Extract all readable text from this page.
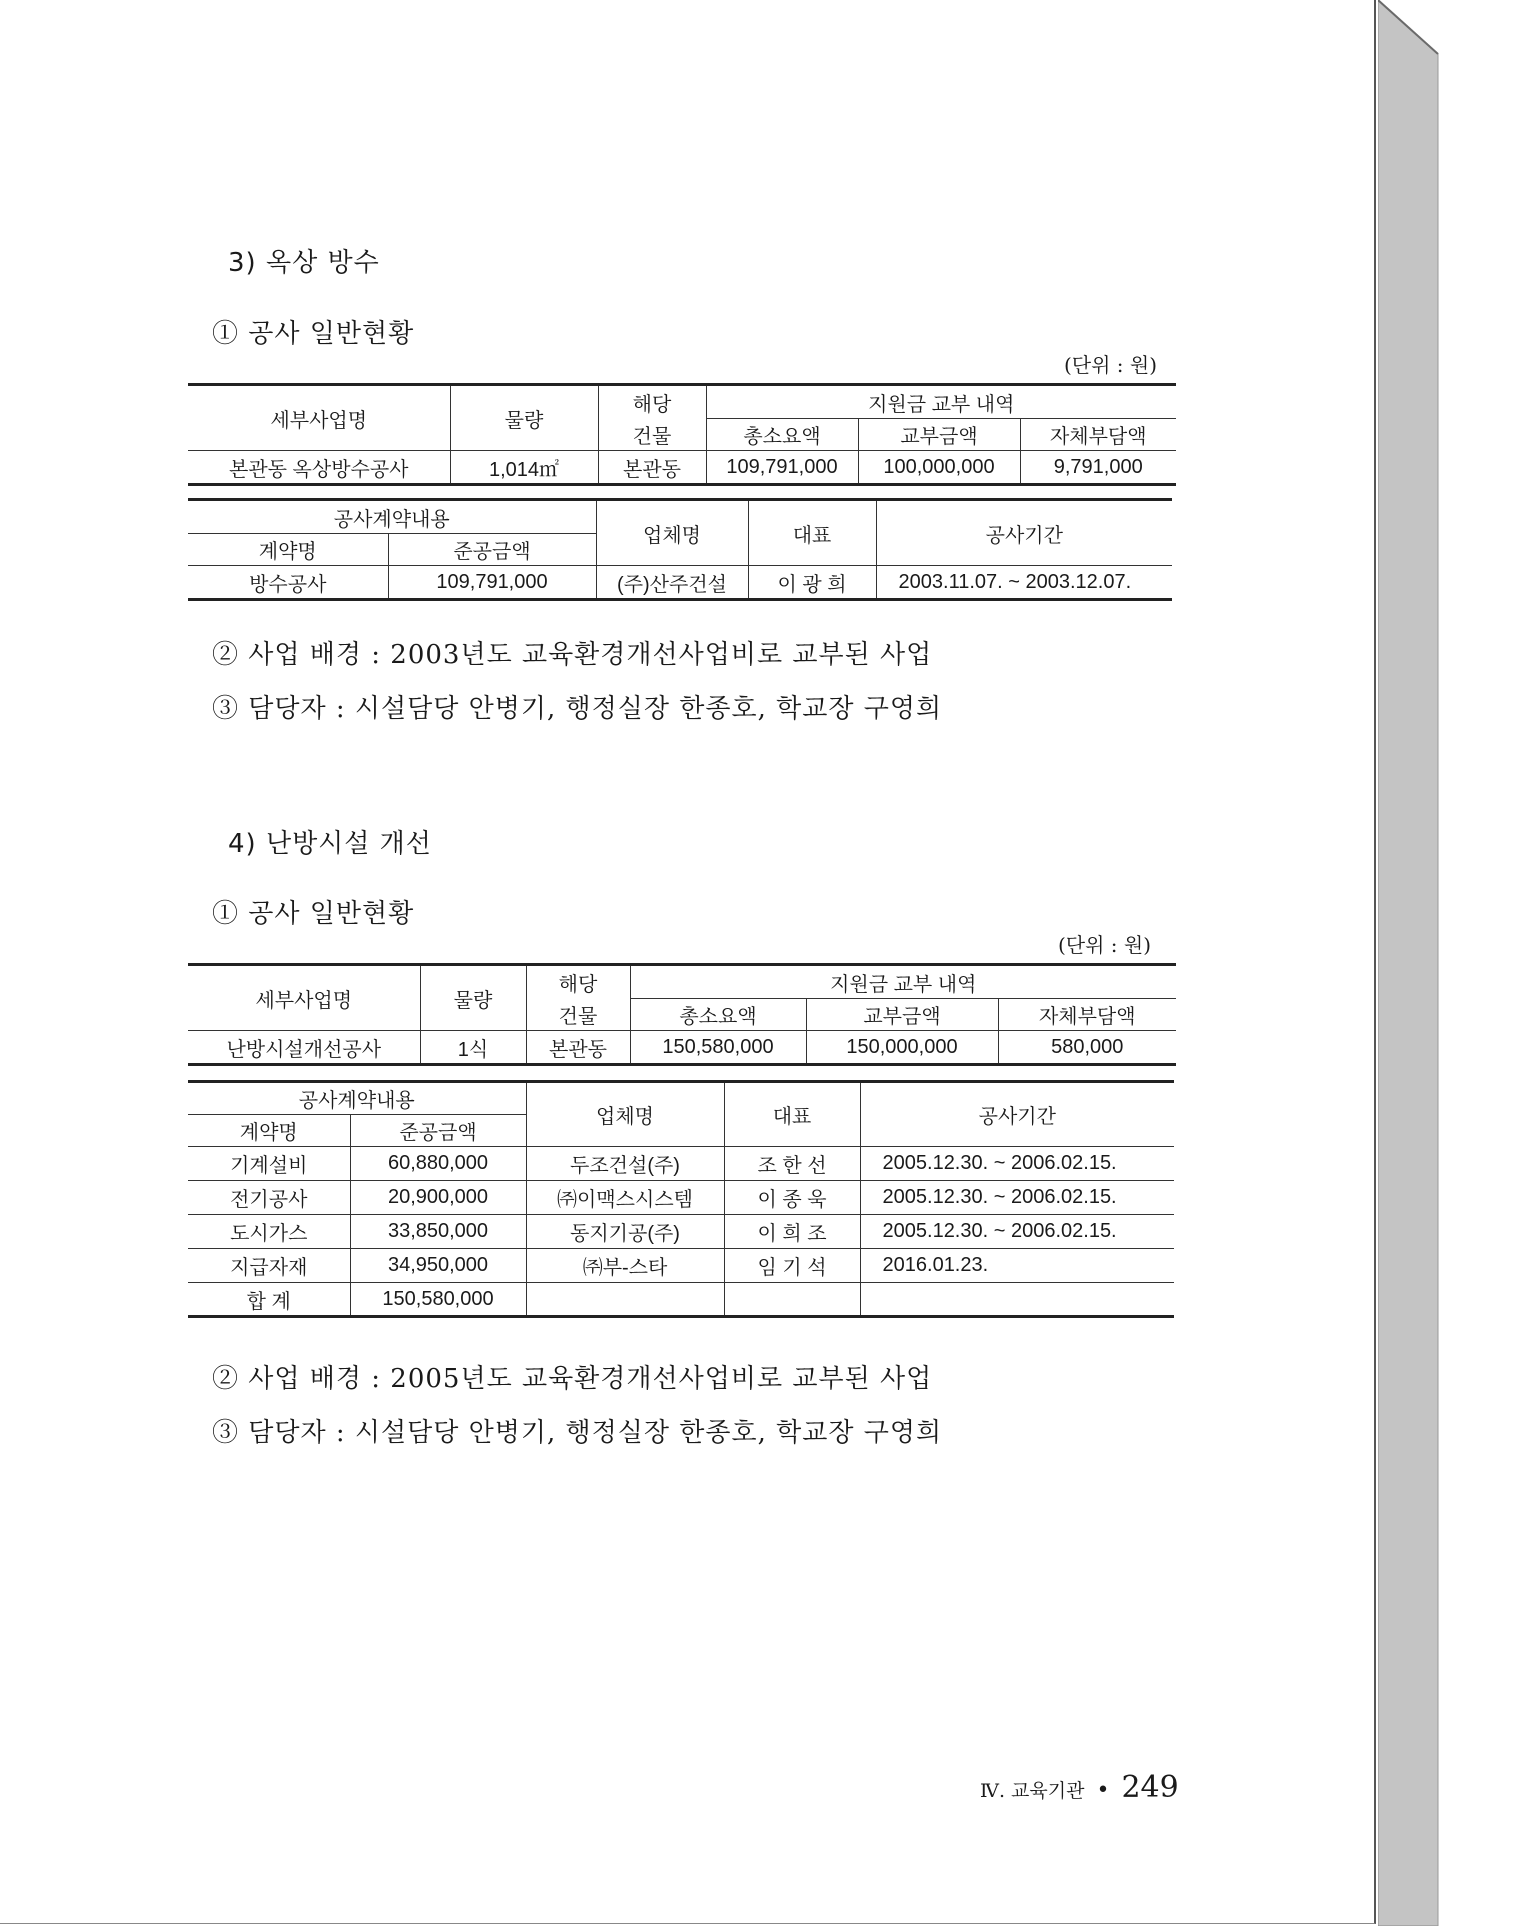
3) 옥상 방수
① 공사 일반현황
(단위 : 원)
세부사업명	물량	해당	지원금 교부 내역		
		건물	총소요액	교부금액	자체부담액
본관동 옥상방수공사	1,014㎡	본관동	109,791,000	100,000,000	9,791,000
공사계약내용		업체명	대표	공사기간
계약명	준공금액			
방수공사	109,791,000	(주)산주건설	이 광 희	2003.11.07. ~ 2003.12.07.
② 사업 배경 : 2003년도 교육환경개선사업비로 교부된 사업
③ 담당자 : 시설담당 안병기, 행정실장 한종호, 학교장 구영희
4) 난방시설 개선
① 공사 일반현황
(단위 : 원)
세부사업명	물량	해당	지원금 교부 내역		
		건물	총소요액	교부금액	자체부담액
난방시설개선공사	1식	본관동	150,580,000	150,000,000	580,000
공사계약내용		업체명	대표	공사기간
계약명	준공금액			
기계설비	60,880,000	두조건설(주)	조 한 선	2005.12.30. ~ 2006.02.15.
전기공사	20,900,000	㈜이맥스시스템	이 종 욱	2005.12.30. ~ 2006.02.15.
도시가스	33,850,000	동지기공(주)	이 희 조	2005.12.30. ~ 2006.02.15.
지급자재	34,950,000	㈜부-스타	임 기 석	2016.01.23.
합 계	150,580,000			
② 사업 배경 : 2005년도 교육환경개선사업비로 교부된 사업
③ 담당자 : 시설담당 안병기, 행정실장 한종호, 학교장 구영희
Ⅳ. 교육기관 • 249
